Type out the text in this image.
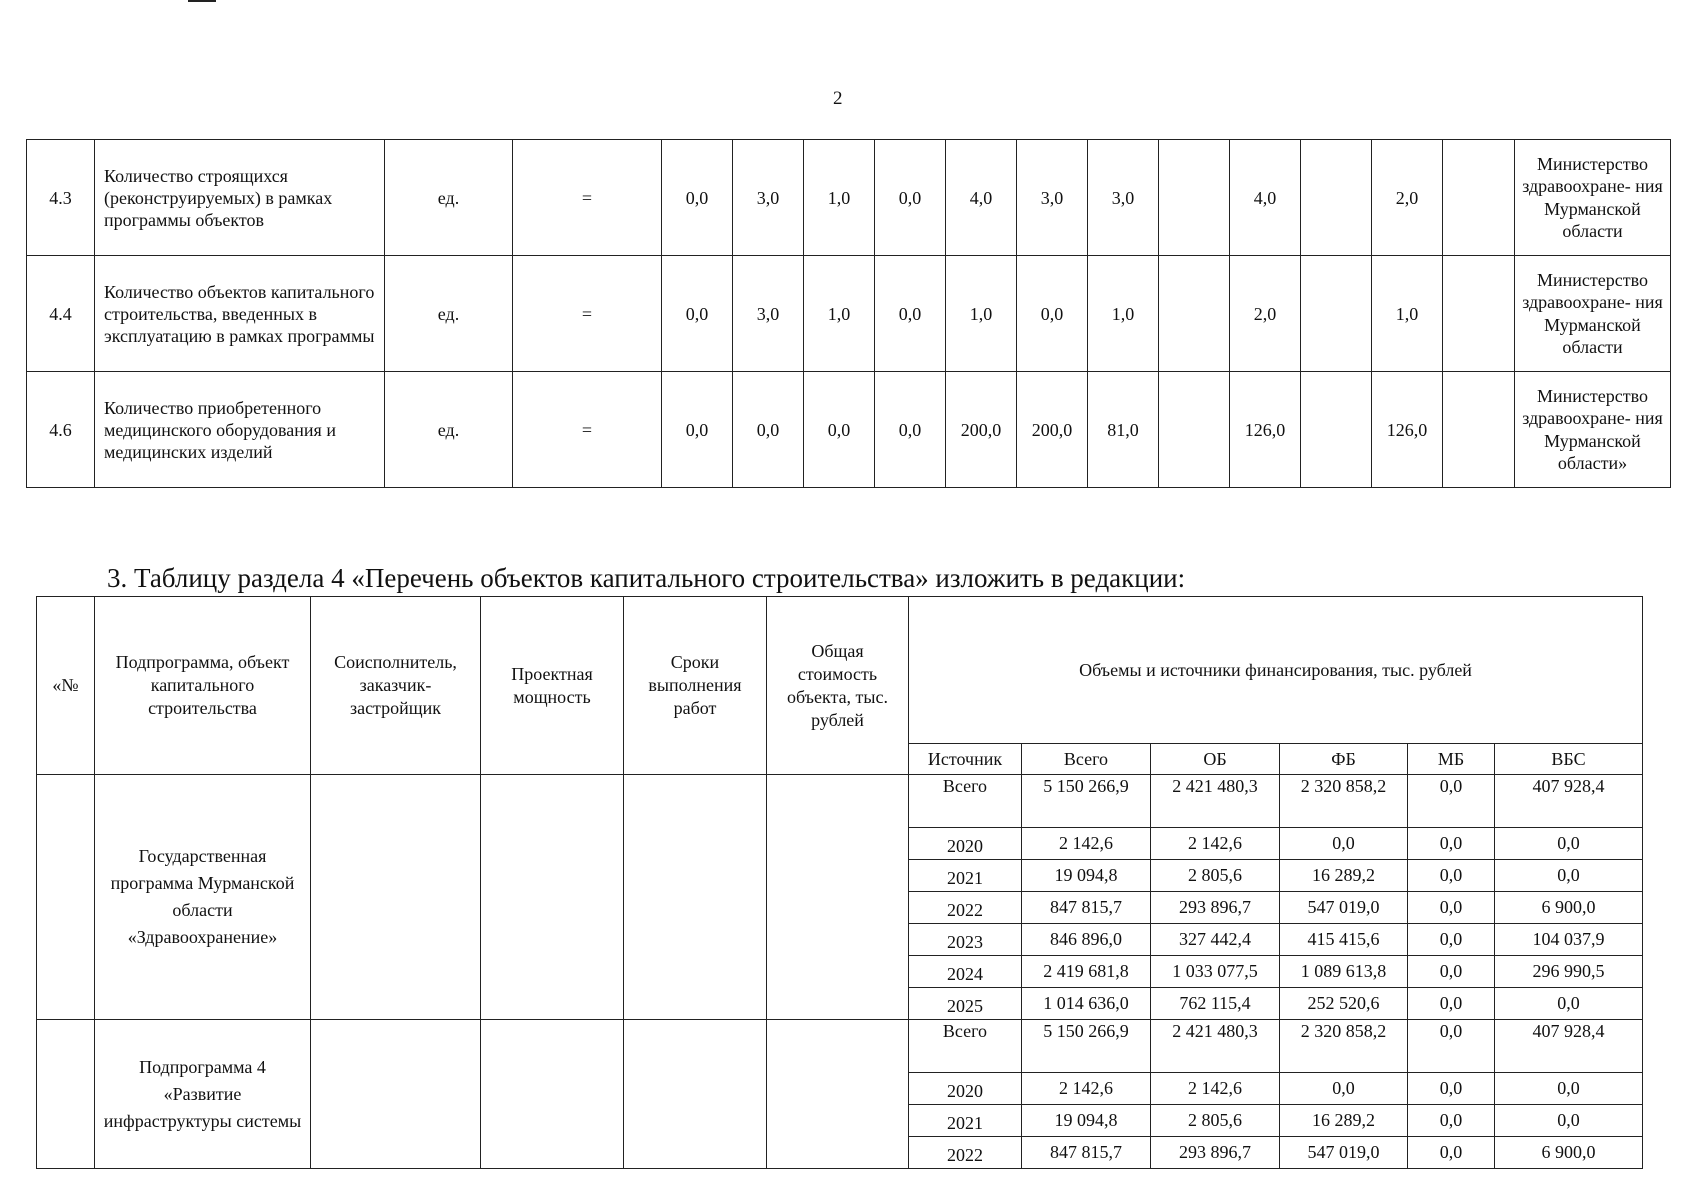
2
4.3	Количество строящихся (реконструируемых) в рамках программы объектов	ед.	=	0,0	3,0	1,0	0,0	4,0	3,0	3,0		4,0		2,0		Министерство здравоохране- ния Мурманской области
4.4	Количество объектов капитального строительства, введенных в эксплуатацию в рамках программы	ед.	=	0,0	3,0	1,0	0,0	1,0	0,0	1,0		2,0		1,0		Министерство здравоохране- ния Мурманской области
4.6	Количество приобретенного медицинского оборудования и медицинских изделий	ед.	=	0,0	0,0	0,0	0,0	200,0	200,0	81,0		126,0		126,0		Министерство здравоохране- ния Мурманской области»
3. Таблицу раздела 4 «Перечень объектов капитального строительства» изложить в редакции:
«№	Подпрограмма, объект капитального строительства	Соисполнитель, заказчик- застройщик	Проектная мощность	Сроки выполнения работ	Общая стоимость объекта, тыс. рублей	Объемы и источники финансирования, тыс. рублей					
						Источник	Всего	ОБ	ФБ	МБ	ВБС
	Государственная программа Мурманской области «Здравоохранение»					Всего	5 150 266,9	2 421 480,3	2 320 858,2	0,0	407 928,4
						2020	2 142,6	2 142,6	0,0	0,0	0,0
						2021	19 094,8	2 805,6	16 289,2	0,0	0,0
						2022	847 815,7	293 896,7	547 019,0	0,0	6 900,0
						2023	846 896,0	327 442,4	415 415,6	0,0	104 037,9
						2024	2 419 681,8	1 033 077,5	1 089 613,8	0,0	296 990,5
						2025	1 014 636,0	762 115,4	252 520,6	0,0	0,0
	Подпрограмма 4 «Развитие инфраструктуры системы					Всего	5 150 266,9	2 421 480,3	2 320 858,2	0,0	407 928,4
						2020	2 142,6	2 142,6	0,0	0,0	0,0
						2021	19 094,8	2 805,6	16 289,2	0,0	0,0
						2022	847 815,7	293 896,7	547 019,0	0,0	6 900,0
